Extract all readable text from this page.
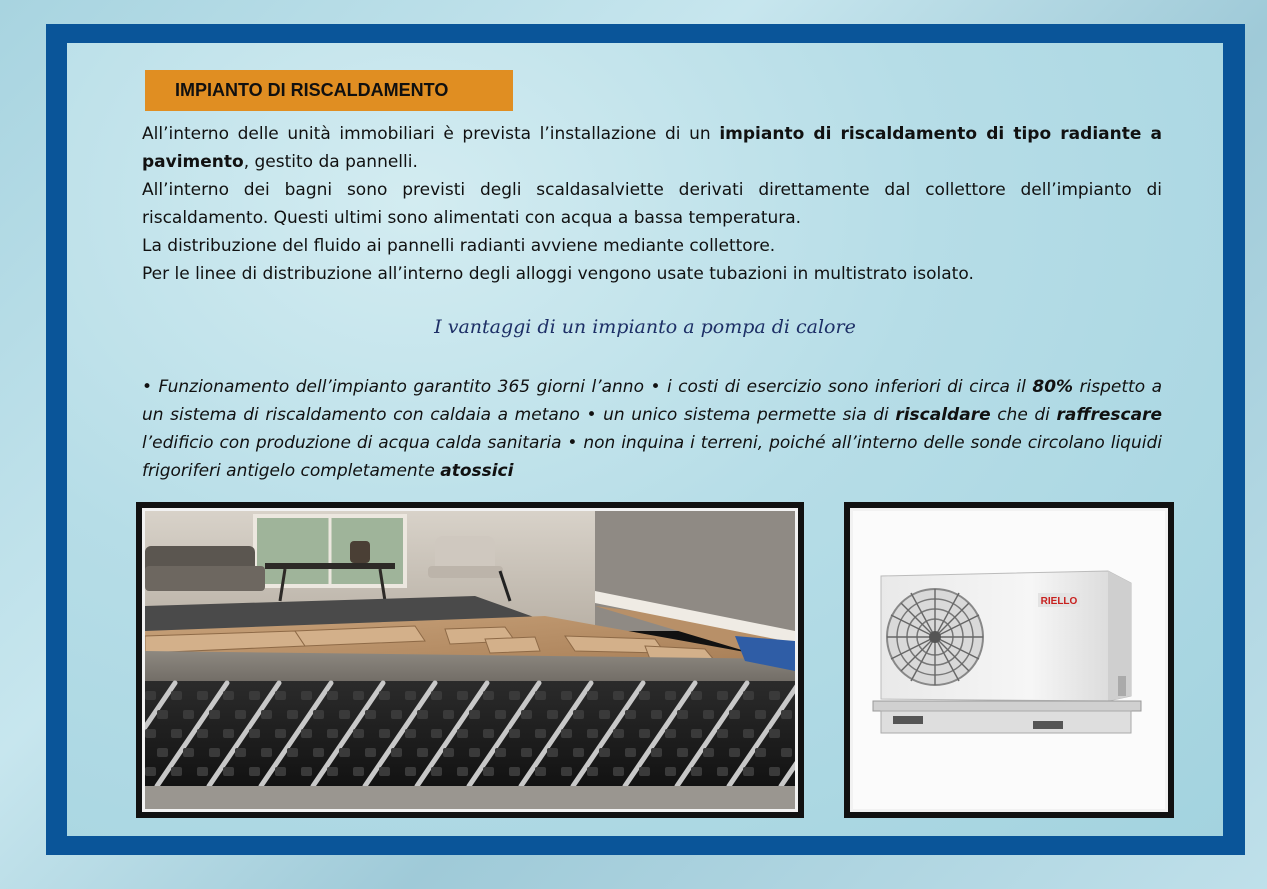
IMPIANTO DI RISCALDAMENTO

All’interno delle unità immobiliari è prevista l’installazione di un impianto di riscaldamento di tipo radiante a pavimento, gestito da pannelli.

All’interno dei bagni sono previsti degli scaldasalviette derivati direttamente dal collettore dell’impianto di riscaldamento. Questi ultimi sono alimentati con acqua a bassa temperatura.

La distribuzione del fluido ai pannelli radianti avviene mediante collettore.

Per le linee di distribuzione all’interno degli alloggi vengono usate tubazioni in multistrato isolato.

I vantaggi di un impianto a pompa di calore
• Funzionamento dell’impianto garantito 365 giorni l’anno • i costi di esercizio sono inferiori di circa il 80% rispetto a un sistema di riscaldamento con caldaia a metano • un unico sistema permette sia di riscaldare che di raffrescare l’edificio con produzione di acqua calda sanitaria • non inquina i terreni, poiché all’interno delle sonde circolano liquidi frigoriferi antigelo completamente atossici
RIELLO
